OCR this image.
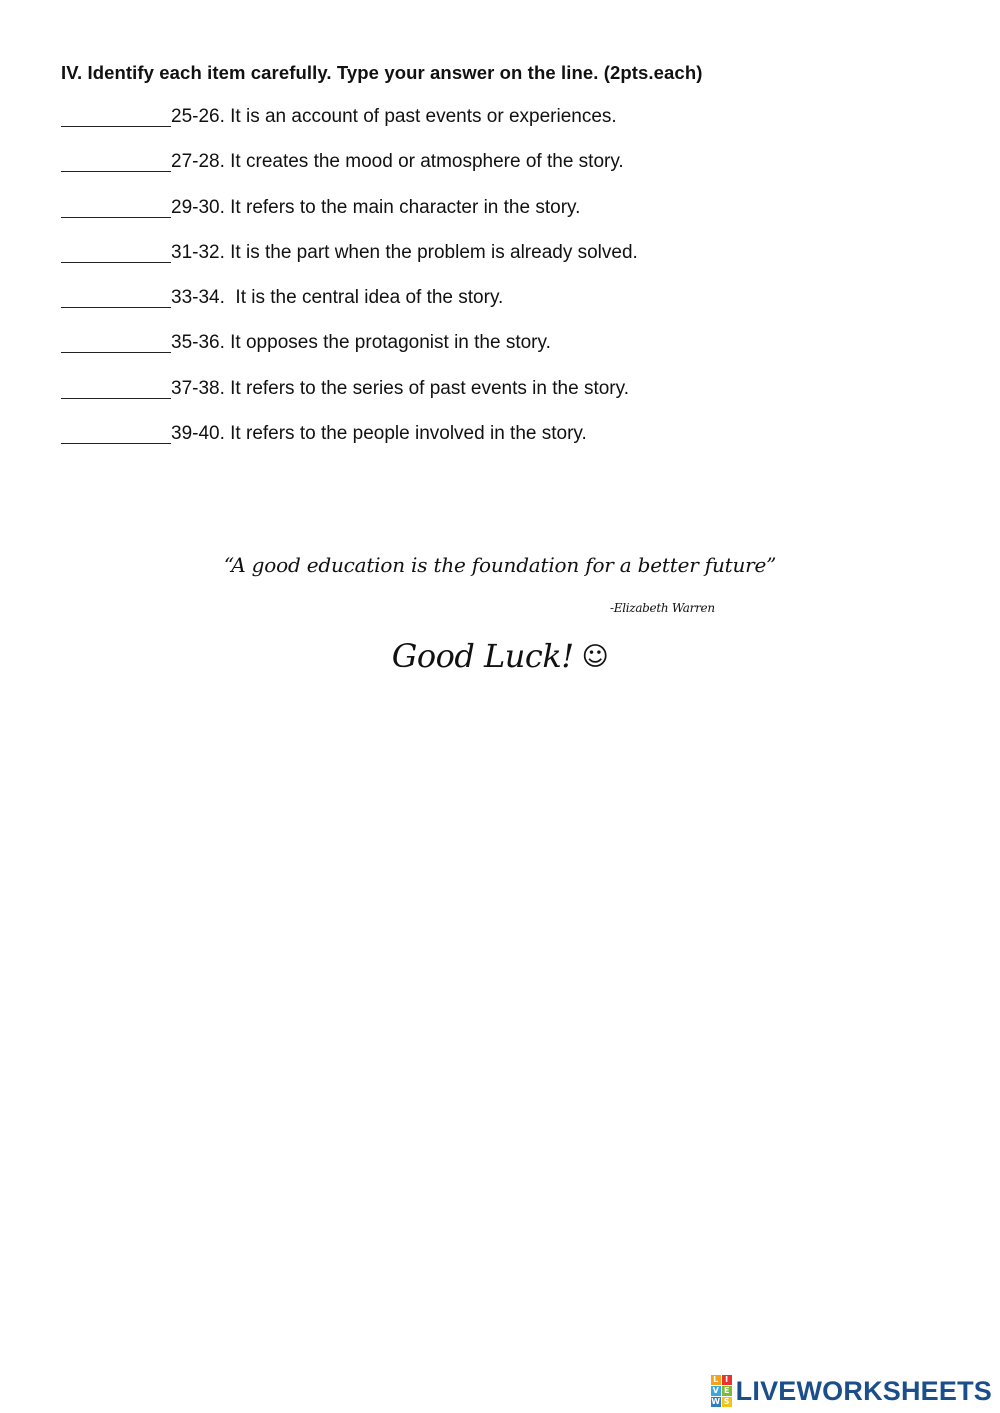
IV. Identify each item carefully. Type your answer on the line. (2pts.each)
25-26. It is an account of past events or experiences.
27-28. It creates the mood or atmosphere of the story.
29-30. It refers to the main character in the story.
31-32. It is the part when the problem is already solved.
33-34.  It is the central idea of the story.
35-36. It opposes the protagonist in the story.
37-38. It refers to the series of past events in the story.
39-40. It refers to the people involved in the story.
“A good education is the foundation for a better future”
-Elizabeth Warren
Good Luck! ☺
L I
V E
W S LIVEWORKSHEETS
